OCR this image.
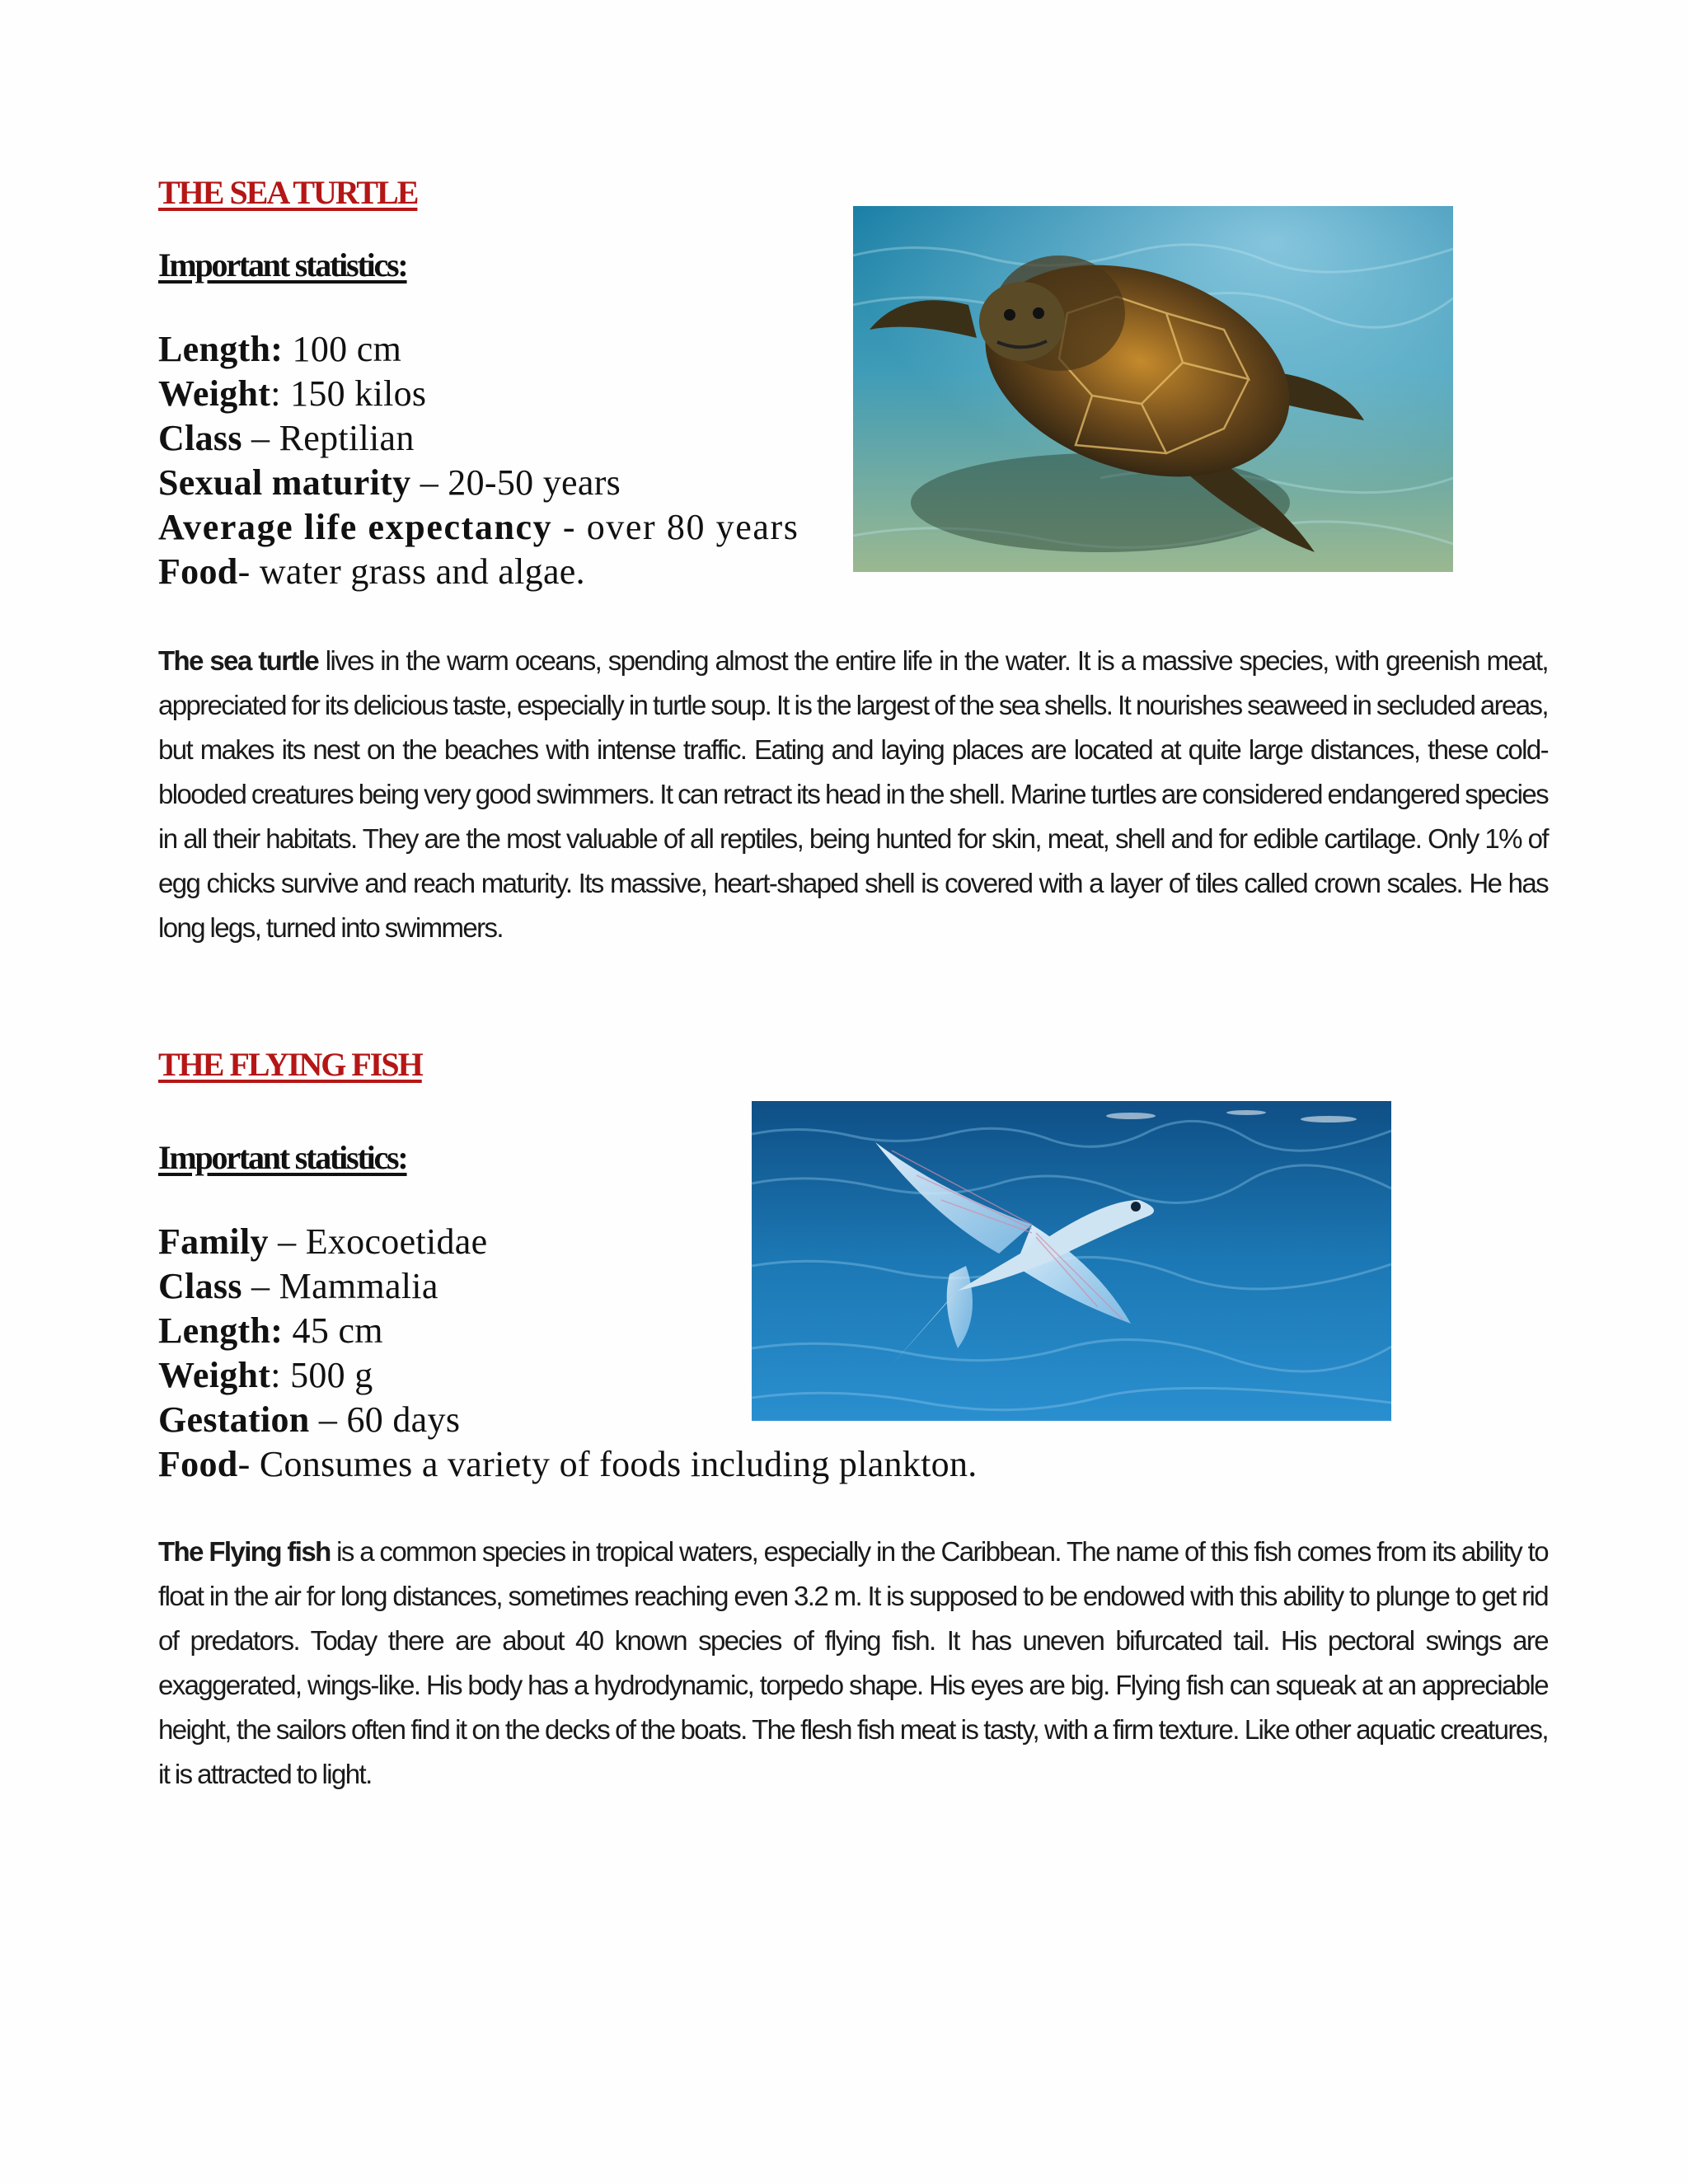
THE SEA TURTLE
Important statistics:
Length: 100 cm
Weight: 150 kilos
Class – Reptilian
Sexual maturity – 20-50 years
Average life expectancy - over 80 years
Food- water grass and algae.

The sea turtle lives in the warm oceans, spending almost the entire life in the water. It is a massive species, with greenish meat, appreciated for its delicious taste, especially in turtle soup. It is the largest of the sea shells. It nourishes seaweed in secluded areas, but makes its nest on the beaches with intense traffic. Eating and laying places are located at quite large distances, these cold-blooded creatures being very good swimmers. It can retract its head in the shell. Marine turtles are considered endangered species in all their habitats. They are the most valuable of all reptiles, being hunted for skin, meat, shell and for edible cartilage. Only 1% of egg chicks survive and reach maturity. Its massive, heart-shaped shell is covered with a layer of tiles called crown scales. He has long legs, turned into swimmers.

THE FLYING FISH
Important statistics:
Family – Exocoetidae
Class – Mammalia
Length: 45 cm
Weight: 500 g
Gestation – 60 days
Food- Consumes a variety of foods including plankton.

The Flying fish is a common species in tropical waters, especially in the Caribbean. The name of this fish comes from its ability to float in the air for long distances, sometimes reaching even 3.2 m. It is supposed to be endowed with this ability to plunge to get rid of predators. Today there are about 40 known species of flying fish. It has uneven bifurcated tail. His pectoral swings are exaggerated, wings-like. His body has a hydrodynamic, torpedo shape. His eyes are big. Flying fish can squeak at an appreciable height, the sailors often find it on the decks of the boats. The flesh fish meat is tasty, with a firm texture. Like other aquatic creatures, it is attracted to light.
